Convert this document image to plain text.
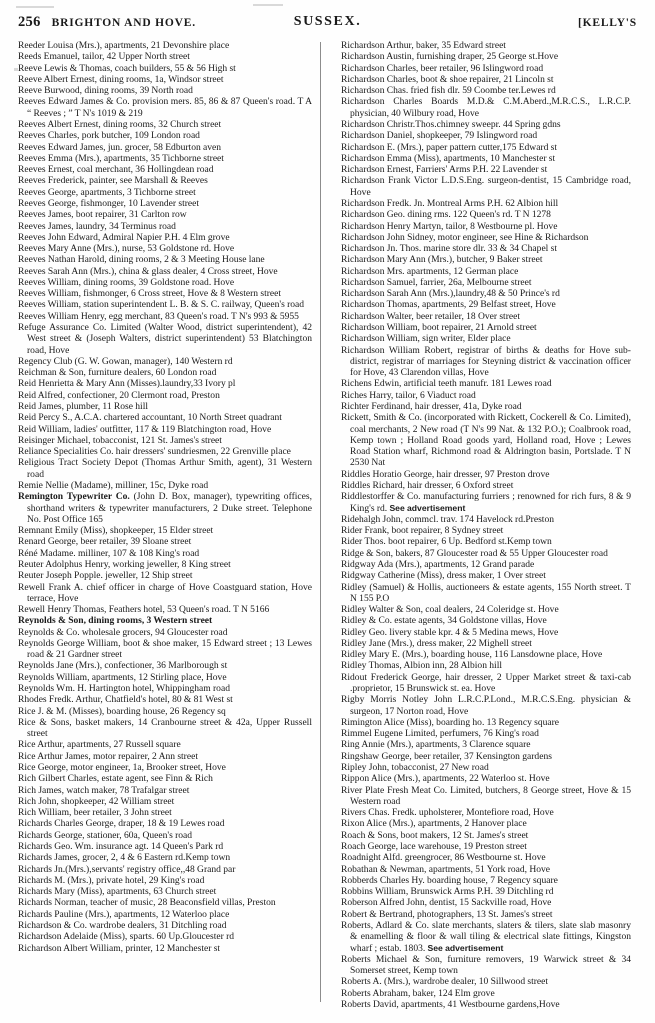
256 BRIGHTON AND HOVE.	SUSSEX.	[KELLY'S

Reeder Louisa (Mrs.), apartments, 21 Devonshire place

Reeds Emanuel, tailor, 42 Upper North street

Reeve Lewis & Thomas, coach builders, 55 & 56 High st

Reeve Albert Ernest, dining rooms, 1a, Windsor street

Reeve Burwood, dining rooms, 39 North road

Reeves Edward James & Co. provision mers. 85, 86 & 87 Queen's road. T A “ Reeves ; ” T N's 1019 & 219

Reeves Albert Ernest, dining rooms, 32 Church street

Reeves Charles, pork butcher, 109 London road

Reeves Edward James, jun. grocer, 58 Edburton aven

Reeves Emma (Mrs.), apartments, 35 Tichborne street

Reeves Ernest, coal merchant, 36 Hollingdean road

Reeves Frederick, painter, see Marshall & Reeves

Reeves George, apartments, 3 Tichborne street

Reeves George, fishmonger, 10 Lavender street

Reeves James, boot repairer, 31 Carlton row

Reeves James, laundry, 34 Terminus road

Reeves John Edward, Admiral Napier P.H. 4 Elm grove

Reeves Mary Anne (Mrs.), nurse, 53 Goldstone rd. Hove

Reeves Nathan Harold, dining rooms, 2 & 3 Meeting House lane

Reeves Sarah Ann (Mrs.), china & glass dealer, 4 Cross street, Hove

Reeves William, dining rooms, 39 Goldstone road. Hove

Reeves William, fishmonger, 6 Cross street, Hove & 8 Western street

Reeves William, station superintendent L. B. & S. C. railway, Queen's road

Reeves William Henry, egg merchant, 83 Queen's road. T N's 993 & 5955

Refuge Assurance Co. Limited (Walter Wood, district superintendent), 42 West street & (Joseph Walters, district superintendent) 53 Blatchington road, Hove

Regency Club (G. W. Gowan, manager), 140 Western rd

Reichman & Son, furniture dealers, 60 London road

Reid Henrietta & Mary Ann (Misses).laundry,33 Ivory pl

Reid Alfred, confectioner, 20 Clermont road, Preston

Reid James, plumber, 11 Rose hill

Reid Percy S., A.C.A. chartered accountant, 10 North Street quadrant

Reid William, ladies' outfitter, 117 & 119 Blatchington road, Hove

Reisinger Michael, tobacconist, 121 St. James's street

Reliance Specialities Co. hair dressers' sundriesmen, 22 Grenville place

Religious Tract Society Depot (Thomas Arthur Smith, agent), 31 Western road

Remie Nellie (Madame), milliner, 15c, Dyke road

Remington Typewriter Co. (John D. Box, manager), typewriting offices, shorthand writers & typewriter manufacturers, 2 Duke street. Telephone No. Post Office 165

Remnant Emily (Miss), shopkeeper, 15 Elder street

Renard George, beer retailer, 39 Sloane street

Réné Madame. milliner, 107 & 108 King's road

Reuter Adolphus Henry, working jeweller, 8 King street

Reuter Joseph Popple. jeweller, 12 Ship street

Rewell Frank A. chief officer in charge of Hove Coastguard station, Hove terrace, Hove

Rewell Henry Thomas, Feathers hotel, 53 Queen's road. T N 5166

Reynolds & Son, dining rooms, 3 Western street

Reynolds & Co. wholesale grocers, 94 Gloucester road

Reynolds George William, boot & shoe maker, 15 Edward street ; 13 Lewes road & 21 Gardner street

Reynolds Jane (Mrs.), confectioner, 36 Marlborough st

Reynolds William, apartments, 12 Stirling place, Hove

Reynolds Wm. H. Hartington hotel, Whippingham road

Rhodes Fredk. Arthur, Chatfield's hotel, 80 & 81 West st

Rice J. & M. (Misses), boarding house, 26 Regency sq

Rice & Sons, basket makers, 14 Cranbourne street & 42a, Upper Russell street

Rice Arthur, apartments, 27 Russell square

Rice Arthur James, motor repairer, 2 Ann street

Rice George, motor engineer, 1a, Brooker street, Hove

Rich Gilbert Charles, estate agent, see Finn & Rich

Rich James, watch maker, 78 Trafalgar street

Rich John, shopkeeper, 42 William street

Rich William, beer retailer, 3 John street

Richards Charles George, draper, 18 & 19 Lewes road

Richards George, stationer, 60a, Queen's road

Richards Geo. Wm. insurance agt. 14 Queen's Park rd

Richards James, grocer, 2, 4 & 6 Eastern rd.Kemp town

Richards Jn.(Mrs.),servants' registry office,,48 Grand par

Richards M. (Mrs.), private hotel, 29 King's road

Richards Mary (Miss), apartments, 63 Church street

Richards Norman, teacher of music, 28 Beaconsfield villas, Preston

Richards Pauline (Mrs.), apartments, 12 Waterloo place

Richardson & Co. wardrobe dealers, 31 Ditchling road

Richardson Adelaide (Miss), sparts. 60 Up.Gloucester rd

Richardson Albert William, printer, 12 Manchester st

Richardson Arthur, baker, 35 Edward street

Richardson Austin, furnishing draper, 25 George st.Hove

Richardson Charles, beer retailer, 96 Islingword road

Richardson Charles, boot & shoe repairer, 21 Lincoln st

Richardson Chas. fried fish dlr. 59 Coombe ter.Lewes rd

Richardson Charles Boards M.D.& C.M.Aberd.,M.R.C.S., L.R.C.P. physician, 40 Wilbury road, Hove

Richardson Christr.Thos.chimney sweepr. 44 Spring gdns

Richardson Daniel, shopkeeper, 79 Islingword road

Richardson E. (Mrs.), paper pattern cutter,175 Edward st

Richardson Emma (Miss), apartments, 10 Manchester st

Richardson Ernest, Farriers' Arms P.H. 22 Lavender st

Richardson Frank Victor L.D.S.Eng. surgeon-dentist, 15 Cambridge road, Hove

Richardson Fredk. Jn. Montreal Arms P.H. 62 Albion hill

Richardson Geo. dining rms. 122 Queen's rd. T N 1278

Richardson Henry Martyn, tailor, 8 Westbourne pl. Hove

Richardson John Sidney, motor engineer, see Hine & Richardson

Richardson Jn. Thos. marine store dlr. 33 & 34 Chapel st

Richardson Mary Ann (Mrs.), butcher, 9 Baker street

Richardson Mrs. apartments, 12 German place

Richardson Samuel, farrier, 26a, Melbourne street

Richardson Sarah Ann (Mrs.),laundry,48 & 50 Prince's rd

Richardson Thomas, apartments, 29 Belfast street, Hove

Richardson Walter, beer retailer, 18 Over street

Richardson William, boot repairer, 21 Arnold street

Richardson William, sign writer, Elder place

Richardson William Robert, registrar of births & deaths for Hove sub-district, registrar of marriages for Steyning district & vaccination officer for Hove, 43 Clarendon villas, Hove

Richens Edwin, artificial teeth manufr. 181 Lewes road

Riches Harry, tailor, 6 Viaduct road

Richter Ferdinand, hair dresser, 41a, Dyke road

Rickett, Smith & Co. (incorporated with Rickett, Cockerell & Co. Limited), coal merchants, 2 New road (T N's 99 Nat. & 132 P.O.); Coalbrook road, Kemp town ; Holland Road goods yard, Holland road, Hove ; Lewes Road Station wharf, Richmond road & Aldrington basin, Portslade. T N 2530 Nat

Riddles Horatio George, hair dresser, 97 Preston drove

Riddles Richard, hair dresser, 6 Oxford street

Riddlestorffer & Co. manufacturing furriers ; renowned for rich furs, 8 & 9 King's rd. See advertisement

Ridehalgh John, commcl. trav. 174 Havelock rd.Preston

Rider Frank, boot repairer, 8 Sydney street

Rider Thos. boot repairer, 6 Up. Bedford st.Kemp town

Ridge & Son, bakers, 87 Gloucester road & 55 Upper Gloucester road

Ridgway Ada (Mrs.), apartments, 12 Grand parade

Ridgway Catherine (Miss), dress maker, 1 Over street

Ridley (Samuel) & Hollis, auctioneers & estate agents, 155 North street. T N 155 P.O

Ridley Walter & Son, coal dealers, 24 Coleridge st. Hove

Ridley & Co. estate agents, 34 Goldstone villas, Hove

Ridley Geo. livery stable kpr. 4 & 5 Medina mews, Hove

Ridley Jane (Mrs.), dress maker, 22 Mighell street

Ridley Mary E. (Mrs.), boarding house, 116 Lansdowne place, Hove

Ridley Thomas, Albion inn, 28 Albion hill

Ridout Frederick George, hair dresser, 2 Upper Market street & taxi-cab .proprietor, 15 Brunswick st. ea. Hove

Rigby Morris Notley John L.R.C.P.Lond., M.R.C.S.Eng. physician & surgeon, 17 Norton road, Hove

Rimington Alice (Miss), boarding ho. 13 Regency square

Rimmel Eugene Limited, perfumers, 76 King's road

Ring Annie (Mrs.), apartments, 3 Clarence square

Ringshaw George, beer retailer, 37 Kensington gardens

Ripley John, tobacconist, 27 New road

Rippon Alice (Mrs.), apartments, 22 Waterloo st. Hove

River Plate Fresh Meat Co. Limited, butchers, 8 George street, Hove & 15 Western road

Rivers Chas. Fredk. upholsterer, Montefiore road, Hove

Rixon Alice (Mrs.), apartments, 2 Hanover place

Roach & Sons, boot makers, 12 St. James's street

Roach George, lace warehouse, 19 Preston street

Roadnight Alfd. greengrocer, 86 Westbourne st. Hove

Robathan & Newman, apartments, 51 York road, Hove

Robberds Charles Hy. boarding house, 7 Regency square

Robbins William, Brunswick Arms P.H. 39 Ditchling rd

Roberson Alfred John, dentist, 15 Sackville road, Hove

Robert & Bertrand, photographers, 13 St. James's street

Roberts, Adlard & Co. slate merchants, slaters & tilers, slate slab masonry & enamelling & floor & wall tiling & electrical slate fittings, Kingston wharf ; estab. 1803. See advertisement

Roberts Michael & Son, furniture removers, 19 Warwick street & 34 Somerset street, Kemp town

Roberts A. (Mrs.), wardrobe dealer, 10 Sillwood street

Roberts Abraham, baker, 124 Elm grove

Roberts David, apartments, 41 Westbourne gardens,Hove
